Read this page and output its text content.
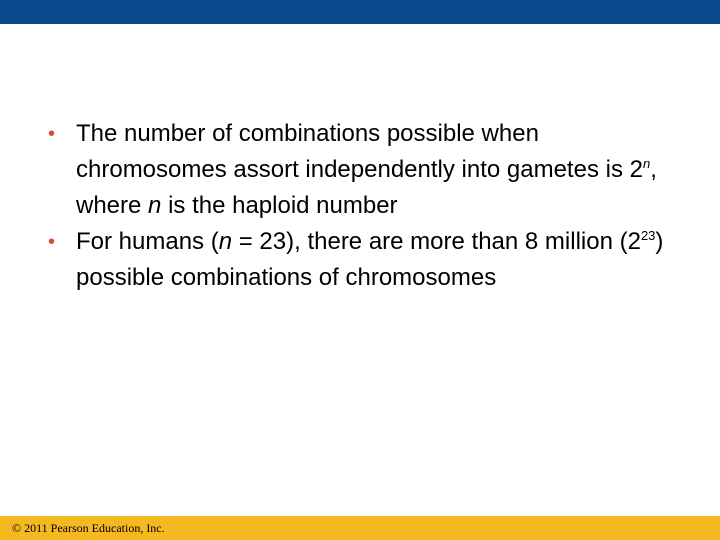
• The number of combinations possible when chromosomes assort independently into gametes is 2$^n$, where n is the haploid number
• For humans (n = 23), there are more than 8 million $(2^{23})$ possible combinations of chromosomes
© 2011 Pearson Education, Inc.
